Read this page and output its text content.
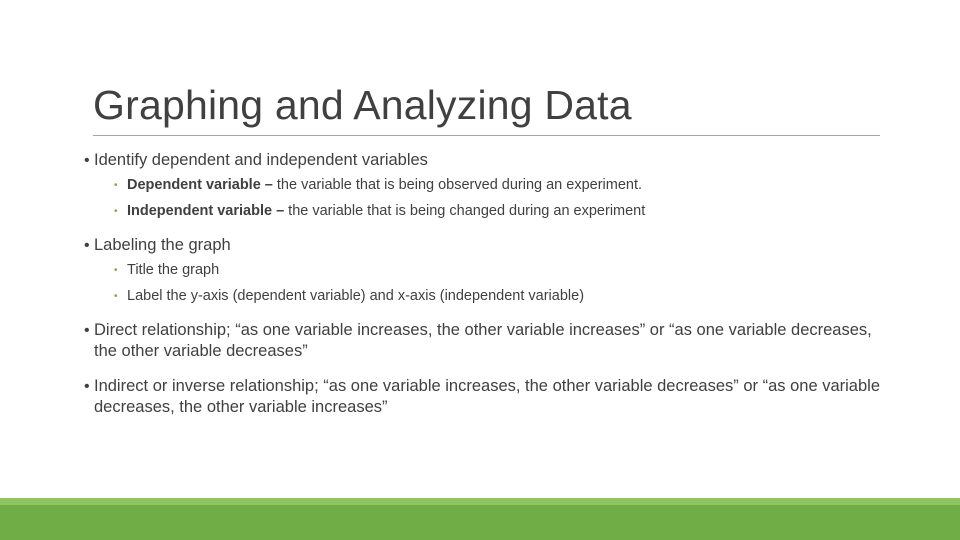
Graphing and Analyzing Data
• Identify dependent and independent variables
• Dependent variable – the variable that is being observed during an experiment.
• Independent variable – the variable that is being changed during an experiment
• Labeling the graph
• Title the graph
• Label the y-axis (dependent variable) and x-axis (independent variable)
• Direct relationship; “as one variable increases, the other variable increases” or “as one variable decreases, the other variable decreases”
• Indirect or inverse relationship; “as one variable increases, the other variable decreases” or “as one variable decreases, the other variable increases”
